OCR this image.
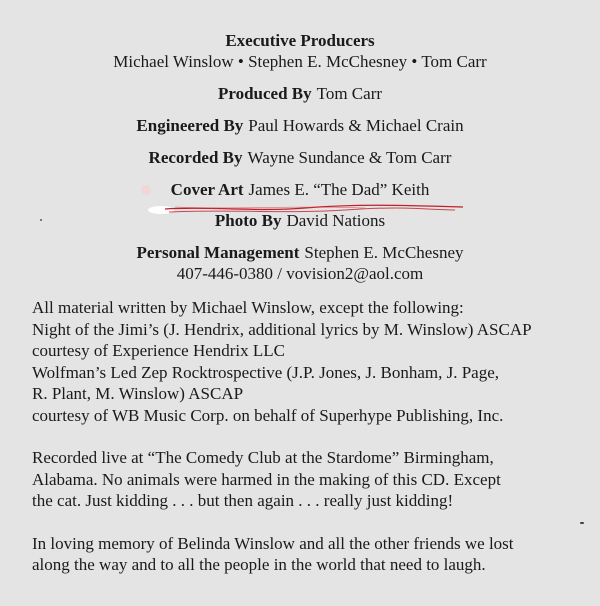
Executive Producers
Michael Winslow • Stephen E. McChesney • Tom Carr
Produced By Tom Carr
Engineered By Paul Howards & Michael Crain
Recorded By Wayne Sundance & Tom Carr
Cover Art James E. “The Dad” Keith
Photo By David Nations
Personal Management Stephen E. McChesney
407-446-0380 / vovision2@aol.com

All material written by Michael Winslow, except the following:

Night of the Jimi’s (J. Hendrix, additional lyrics by M. Winslow) ASCAP

courtesy of Experience Hendrix LLC

Wolfman’s Led Zep Rocktrospective (J.P. Jones, J. Bonham, J. Page,

R. Plant, M. Winslow) ASCAP

courtesy of WB Music Corp. on behalf of Superhype Publishing, Inc.

Recorded live at “The Comedy Club at the Stardome” Birmingham,

Alabama. No animals were harmed in the making of this CD. Except

the cat. Just kidding . . . but then again . . . really just kidding!

In loving memory of Belinda Winslow and all the other friends we lost

along the way and to all the people in the world that need to laugh.
